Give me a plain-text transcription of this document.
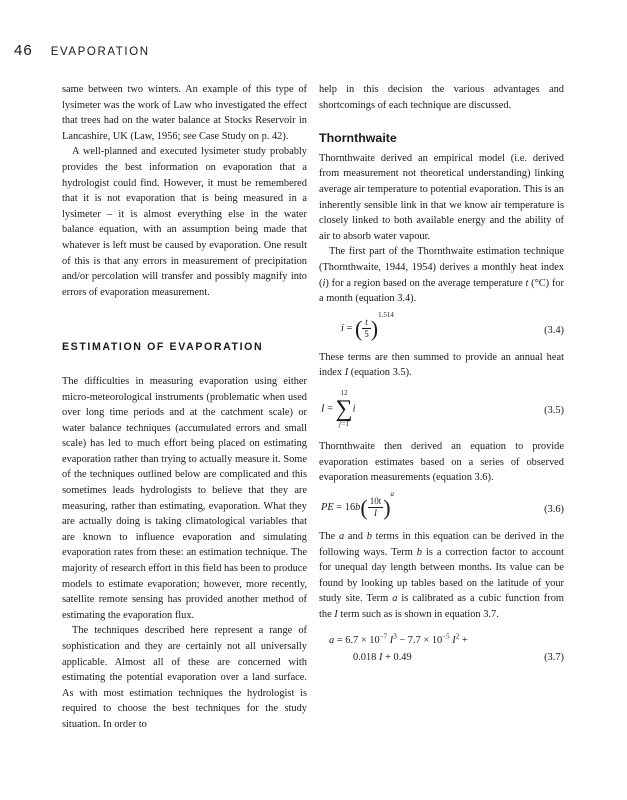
46 EVAPORATION

same between two winters. An example of this type of lysimeter was the work of Law who investigated the effect that trees had on the water balance at Stocks Reservoir in Lancashire, UK (Law, 1956; see Case Study on p. 42).

A well-planned and executed lysimeter study probably provides the best information on evaporation that a hydrologist could find. However, it must be remembered that it is not evaporation that is being measured in a lysimeter – it is almost everything else in the water balance equation, with an assumption being made that whatever is left must be caused by evaporation. One result of this is that any errors in measurement of precipitation and/or percolation will transfer and possibly magnify into errors of evaporation measurement.

ESTIMATION OF EVAPORATION

The difficulties in measuring evaporation using either micro-meteorological instruments (problematic when used over long time periods and at the catchment scale) or water balance techniques (accumulated errors and small scale) has led to much effort being placed on estimating evaporation rather than trying to actually measure it. Some of the techniques outlined below are complicated and this sometimes leads hydrologists to believe that they are measuring, rather than estimating, evaporation. What they are actually doing is taking climatological variables that are known to influence evaporation and simulating evaporation rates from these: an estimation technique. The majority of research effort in this field has been to produce models to estimate evaporation; however, more recently, satellite remote sensing has provided another method of estimating the evaporation flux.

The techniques described here represent a range of sophistication and they are certainly not all universally applicable. Almost all of these are concerned with estimating the potential evaporation over a land surface. As with most estimation techniques the hydrologist is required to choose the best techniques for the study situation. In order to

help in this decision the various advantages and shortcomings of each technique are discussed.

Thornthwaite

Thornthwaite derived an empirical model (i.e. derived from measurement not theoretical understanding) linking average air temperature to potential evaporation. This is an inherently sensible link in that we know air temperature is closely linked to both available energy and the ability of air to absorb water vapour.

The first part of the Thornthwaite estimation technique (Thornthwaite, 1944, 1954) derives a monthly heat index (i) for a region based on the average temperature t (°C) for a month (equation 3.4).

i = ( $\frac{t}{5} )^{1.514}$
(3.4)

These terms are then summed to provide an annual heat index I (equation 3.5).

I =
12
∑
j=1
i	(3.5)

Thornthwaite then derived an equation to provide evaporation estimates based on a series of observed evaporation measurements (equation 3.6).

PE = $16b( \frac{10t}{I} )^a$
(3.6)

The a and b terms in this equation can be derived in the following ways. Term b is a correction factor to account for unequal day length between months. Its value can be found by looking up tables based on the latitude of your study site. Term a is calibrated as a cubic function from the I term such as is shown in equation 3.7.

$a = 6.7 \times 10^{-7}$ $I^3 - 7.7 \times 10^{-5}$ $I^2$ +
0.018 I + 0.49	(3.7)
